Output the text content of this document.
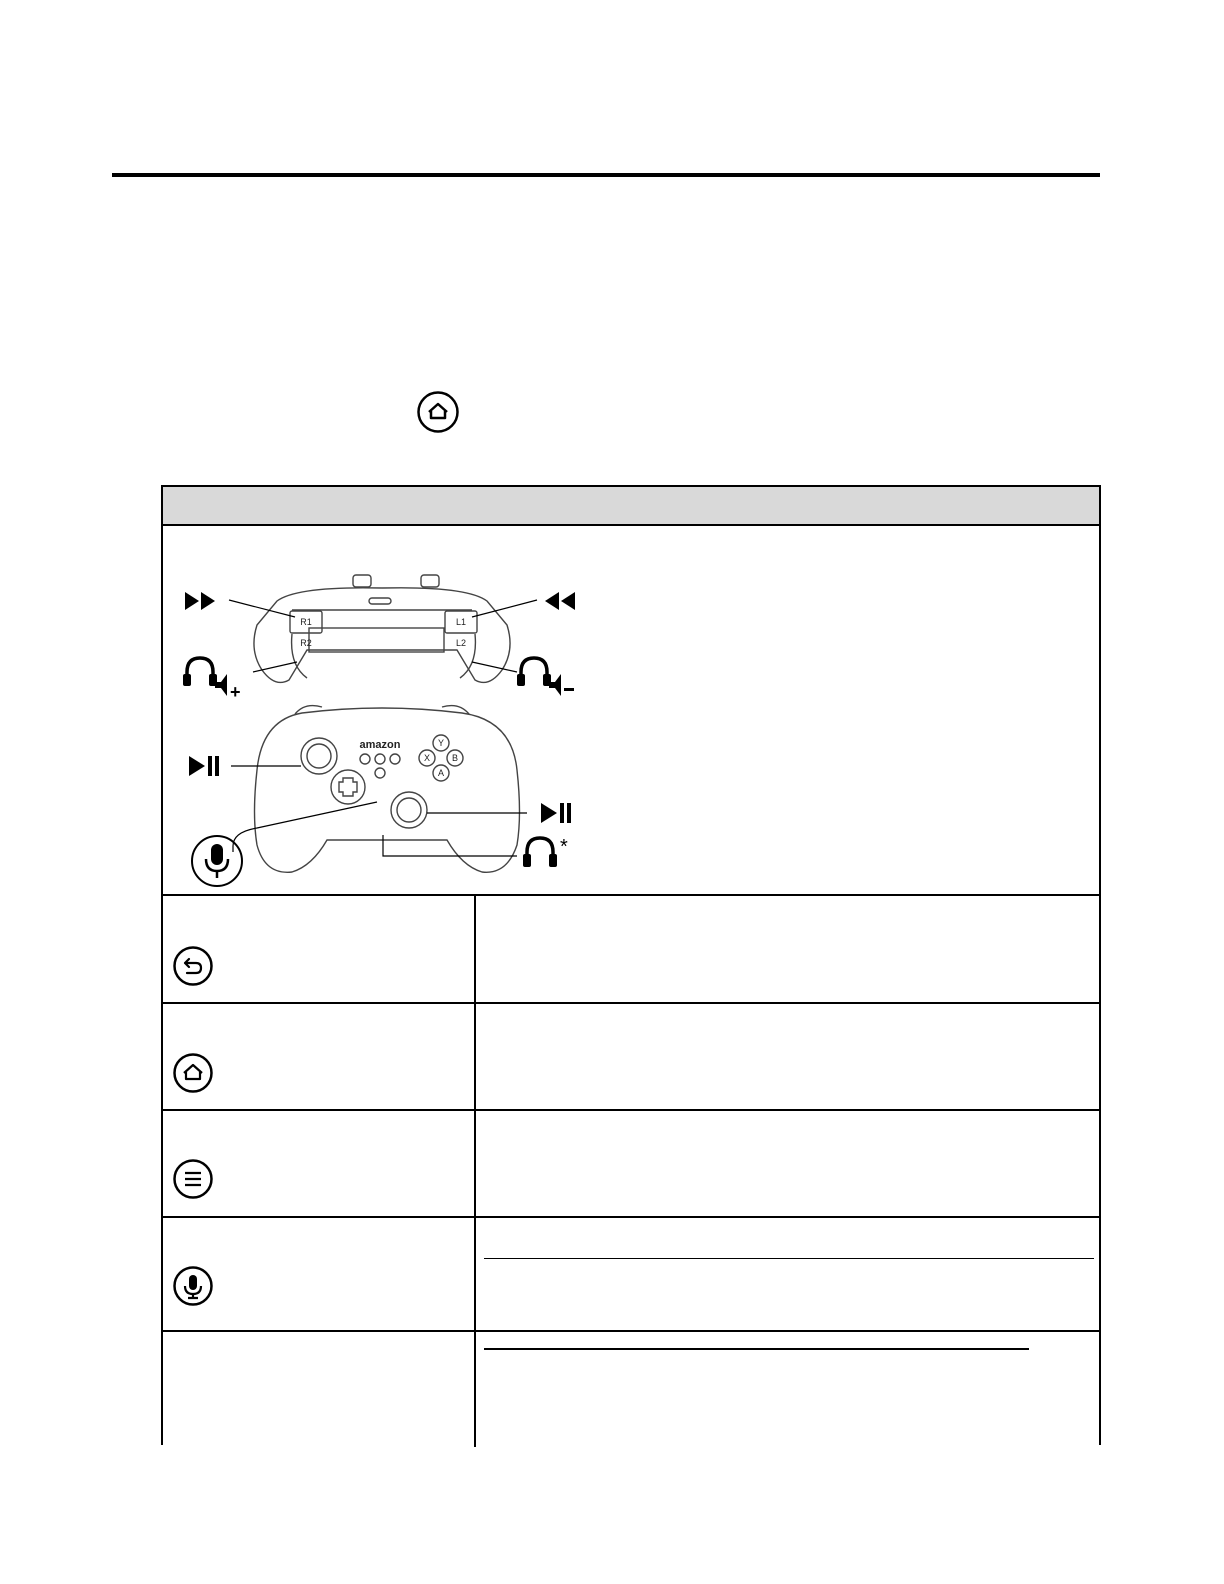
R1
R2
L1
L2
amazon	Y
X B
A
+
*
